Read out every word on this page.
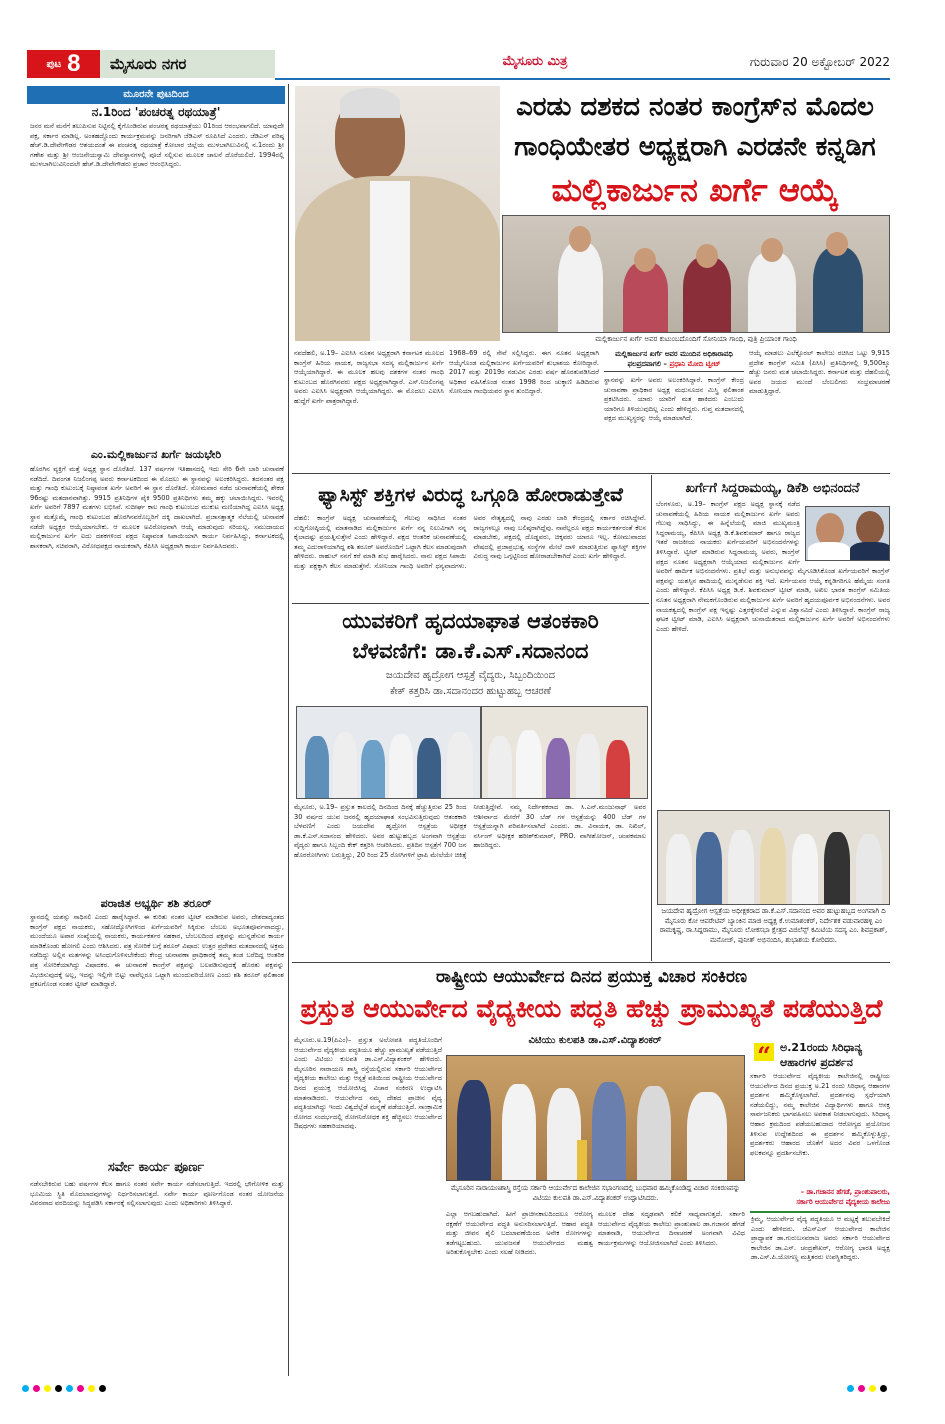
ಪುಟ 8 ಮೈಸೂರು ನಗರ	ಮೈಸೂರು ಮಿತ್ರ	ಗುರುವಾರ 20 ಅಕ್ಟೋಬರ್ 2022
ಮೂರನೇ ಪುಟದಿಂದ
ನ.1ರಿಂದ 'ಪಂಚರತ್ನ ರಥಯಾತ್ರೆ'
ಜನರ ಮನೆ ಮನೆಗೆ ತಲುಪಿಸುವ ನಿಟ್ಟಿನಲ್ಲಿ ಕೈಗೊಂಡಿರುವ ಪಂಚರತ್ನ ರಥಯಾತ್ರೆಯು 01ರಿಂದ ಆರಂಭವಾಗಲಿದೆ. ಯಾವುದೇ ಪಕ್ಷ, ಸರ್ಕಾರ ಮಾಡಿಲ್ಲ. ಅಂತಹದ್ದೊಂದು ಕಾರ್ಯಕ್ರಮವನ್ನು ಜನರಿಗಾಗಿ ಜೆಡಿಎಸ್ ರೂಪಿಸಿದೆ ಎಂದರು. ಜೆಡಿಎಸ್ ವರಿಷ್ಠ ಹೆಚ್.ಡಿ.ದೇವೇಗೌಡರ ಆಶಯದಂತೆ ಈ ಪಂಚರತ್ನ ರಥಯಾತ್ರೆ ಕೋಲಾರ ಜಿಲ್ಲೆಯ ಮುಳಬಾಗಿಲುವಿನಲ್ಲಿ ನ.1ರಂದು ಶ್ರೀ ಗಣೇಶ ಮತ್ತು ಶ್ರೀ ಆಂಜನೇಯಸ್ವಾಮಿ ದೇವಸ್ಥಾನಗಳಲ್ಲಿ ಪೂಜೆ ಸಲ್ಲಿಸುವ ಮೂಲಕ ಚಾಲನೆ ದೊರೆಯಲಿದೆ. 1994ರಲ್ಲಿ ಮುಳಬಾಗಿಲುವಿನಿಂದಲೇ ಹೆಚ್.ಡಿ.ದೇವೇಗೌಡರು ಪ್ರಚಾರ ಆರಂಭಿಸಿದ್ದರು.
ಎಂ.ಮಲ್ಲಿಕಾರ್ಜುನ ಖರ್ಗೆ ಜಯಭೇರಿ
ಹೊರಗಿನ ವ್ಯಕ್ತಿಗೆ ಮತ್ತೆ ಅಧ್ಯಕ್ಷ ಸ್ಥಾನ ದೊರೆತಿದೆ. 137 ವರ್ಷಗಳ ಇತಿಹಾಸದಲ್ಲಿ ಇದು ಸೇರಿ 6ನೇ ಬಾರಿ ಚುನಾವಣೆ ನಡೆದಿದೆ. ದಿವಂಗತ ನಿಜಲಿಂಗಪ್ಪ ಅವರು ಕರ್ನಾಟಕದಿಂದ ಈ ಮೊದಲು ಈ ಸ್ಥಾನವನ್ನು ಅಲಂಕರಿಸಿದ್ದರು. ತದನಂತರ ಪಕ್ಷ ಮತ್ತು ಗಾಂಧಿ ಕುಟುಂಬಕ್ಕೆ ನಿಷ್ಠಾವಂತ ಖರ್ಗೆ ಅವರಿಗೆ ಈ ಸ್ಥಾನ ದೊರೆತಿದೆ. ಸೋಮವಾರ ನಡೆದ ಚುನಾವಣೆಯಲ್ಲಿ ಶೇಕಡ 96ರಷ್ಟು ಮತದಾನವಾಗಿತ್ತು. 9915 ಪ್ರತಿನಿಧಿಗಳ ಪೈಕಿ 9500 ಪ್ರತಿನಿಧಿಗಳು ತಮ್ಮ ಹಕ್ಕು ಚಲಾಯಿಸಿದ್ದರು. ಇವರಲ್ಲಿ ಖರ್ಗೆ ಅವರಿಗೆ 7897 ಮತಗಳು ಲಭಿಸಿವೆ. ಸುದೀರ್ಘ ಕಾಲ ಗಾಂಧಿ ಕುಟುಂಬದ ಮುಕುಟ ಮಣಿಯಾಗಿದ್ದ ಎಐಸಿಸಿ ಅಧ್ಯಕ್ಷ ಸ್ಥಾನ ಮತ್ತೊಮ್ಮೆ ಗಾಂಧಿ ಕುಟುಂಬದ ಹೊರಗಿನವರೊಬ್ಬರಿಗೆ ದಕ್ಕಿ ದಾಖಲಾಗಿದೆ. ಪ್ರಜಾಸತ್ತಾತ್ಮಕ ನೆಲೆಯಲ್ಲಿ ಚುನಾವಣೆ ನಡೆದೇ ಅಧ್ಯಕ್ಷರ ಆಯ್ಕೆಯಾಗಬೇಕು. ಆ ಮೂಲಕ ಅವಿರೋಧವಾಗಿ ಆಯ್ಕೆ ಮಾಡುವುದು ಸರಿಯಲ್ಲ. ಸಮುದಾಯದ ಮಲ್ಲಿಕಾರ್ಜುನ ಖರ್ಗೆ ಐದು ದಶಕಗಳಿಂದ ಪಕ್ಷದ ನಿಷ್ಠಾವಂತ ಸಿಪಾಯಿಯಾಗಿ ಕಾರ್ಯ ನಿರ್ವಹಿಸಿದ್ದು, ಕರ್ನಾಟಕದಲ್ಲಿ ಶಾಸಕರಾಗಿ, ಸಚಿವರಾಗಿ, ವಿರೋಧಪಕ್ಷದ ನಾಯಕರಾಗಿ, ಕೆಪಿಸಿಸಿ ಅಧ್ಯಕ್ಷರಾಗಿ ಕಾರ್ಯ ನಿರ್ವಹಿಸಿದವರು.
ಪರಾಜಿತ ಅಭ್ಯರ್ಥಿ ಶಶಿ ತರೂರ್
ಸ್ಥಾನದಲ್ಲಿ ಯಶಸ್ಸು ಸಾಧಿಸಲಿ ಎಂದು ಹಾರೈಸಿದ್ದಾರೆ. ಈ ಕುರಿತು ನಂತರ ಟ್ವೀಟ್ ಮಾಡಿರುವ ಅವರು, ದೇಶದಾದ್ಯಂತದ ಕಾಂಗ್ರೆಸ್ ಪಕ್ಷದ ನಾಯಕರು, ಸಹೋದ್ಯೋಗಿಗಳಿಂದ ಖರ್ಗೆಯವರಿಗೆ ಸಿಕ್ಕಿರುವ ಬೆಂಬಲ ಅಭೂತಪೂರ್ವವಾದದ್ದು, ಮುಂದೆಯೂ ಅಪಾರ ಸಂಖ್ಯೆಯಲ್ಲಿ ನಾಯಕರು, ಕಾರ್ಯಕರ್ತರ ಸಹಕಾರ, ಬೆಂಬಲದಿಂದ ಪಕ್ಷವನ್ನು ಮುನ್ನಡೆಸುವ ಕಾರ್ಯ ಮಾಡಿಕೊಂಡು ಹೋಗಲಿ ಎಂದು ಆಶಿಸಿದರು. ಪತ್ರ ಸೋರಿಕೆ ಬಗ್ಗೆ ತರೂರ್ ವಿಷಾದ: ಉತ್ತರ ಪ್ರದೇಶದ ಮತದಾನದಲ್ಲಿ ಅಕ್ರಮ ನಡೆದಿದ್ದು ಅಲ್ಲಿನ ಮತಗಳನ್ನು ಅಸಿಂಧುಗೊಳಿಸಬೇಕೆಂದು ಕೇಂದ್ರ ಚುನಾವಣಾ ಪ್ರಾಧಿಕಾರಕ್ಕೆ ತಮ್ಮ ತಂಡ ಬರೆದಿದ್ದ ಆಂತರಿಕ ಪತ್ರ ಸೋರಿಕೆಯಾಗಿದ್ದು ವಿಷಾದಕರ. ಈ ಚುನಾವಣೆ ಕಾಂಗ್ರೆಸ್ ಪಕ್ಷವನ್ನು ಬಲಪಡಿಸುವುದಕ್ಕೆ ಹೊರತು ಪಕ್ಷವನ್ನು ವಿಭಜಿಸುವುದಕ್ಕೆ ಅಲ್ಲ, ಇದನ್ನು ಇಲ್ಲಿಗೇ ಬಿಟ್ಟು ನಾವೆಲ್ಲರೂ ಒಟ್ಟಾಗಿ ಮುಂದುವರಿಯೋಣ ಎಂದು ಶಶಿ ತರೂರ್ ಫಲಿತಾಂಶ ಪ್ರಕಟಗೊಂಡ ನಂತರ ಟ್ವೀಟ್ ಮಾಡಿದ್ದಾರೆ.
ಸರ್ವೇ ಕಾರ್ಯ ಪೂರ್ಣ
ನಡೆಸಬೇಕಿರುವ ಬಹು ವರ್ಷಗಳ ಕೆಲಸ ಹಾಗೂ ನಂತರ ಸರ್ವೇ ಕಾರ್ಯ ನಡೆಸಲಾಗುತ್ತಿದೆ. ಇದರಲ್ಲಿ ಭೌಗೋಳಿಕ ಮತ್ತು ಭೂಮಿಯ ಸ್ಥಿತಿ ಮೊದಲಾದವುಗಳನ್ನು ನಿರ್ಧರಿಸಲಾಗುತ್ತದೆ. ಸರ್ವೇ ಕಾರ್ಯ ಪೂರ್ಣಗೊಂಡ ನಂತರ ಯೋಜನೆಯ ವಿವರವಾದ ವರದಿಯನ್ನು ಸಿದ್ಧಪಡಿಸಿ ಸರ್ಕಾರಕ್ಕೆ ಸಲ್ಲಿಸಲಾಗುವುದು ಎಂದು ಅಧಿಕಾರಿಗಳು ತಿಳಿಸಿದ್ದಾರೆ.
ಎರಡು ದಶಕದ ನಂತರ ಕಾಂಗ್ರೆಸ್‌ನ ಮೊದಲ
ಗಾಂಧಿಯೇತರ ಅಧ್ಯಕ್ಷರಾಗಿ ಎರಡನೇ ಕನ್ನಡಿಗ
ಮಲ್ಲಿಕಾರ್ಜುನ ಖರ್ಗೆ ಆಯ್ಕೆ
ಮಲ್ಲಿಕಾರ್ಜುನ ಖರ್ಗೆ ಅವರ ಕುಟುಂಬದೊಂದಿಗೆ ಸೋನಿಯಾ ಗಾಂಧಿ, ಪುತ್ರಿ ಪ್ರಿಯಾಂಕ ಗಾಂಧಿ
ನವದೆಹಲಿ, ಅ.19– ಎಐಸಿಸಿ ನೂತನ ಅಧ್ಯಕ್ಷರಾಗಿ ಕರ್ನಾಟಕ ಮೂಲದ ಕಾಂಗ್ರೆಸ್ ಹಿರಿಯ ನಾಯಕ, ರಾಜ್ಯಸಭಾ ಸದಸ್ಯ ಮಲ್ಲಿಕಾರ್ಜುನ ಖರ್ಗೆ ಆಯ್ಕೆಯಾಗಿದ್ದಾರೆ. ಈ ಮೂಲಕ ಹಲವು ದಶಕಗಳ ನಂತರ ಗಾಂಧಿ ಕುಟುಂಬದ ಹೊರಗಿನವರು ಪಕ್ಷದ ಅಧ್ಯಕ್ಷರಾಗಿದ್ದಾರೆ. ಎಸ್.ನಿಜಲಿಂಗಪ್ಪ ಅವರು ಎಐಸಿಸಿ ಅಧ್ಯಕ್ಷರಾಗಿ ಆಯ್ಕೆಯಾಗಿದ್ದರು. ಈ ಮೊದಲು ಎಐಸಿಸಿ ಹುದ್ದೆಗೆ ಖರ್ಗೆ ಪಾತ್ರರಾಗಿದ್ದಾರೆ.
1968–69 ರಲ್ಲಿ ಸೇವೆ ಸಲ್ಲಿಸಿದ್ದರು. ಈಗ ನೂತನ ಅಧ್ಯಕ್ಷರಾಗಿ ಆಯ್ಕೆಗೊಂಡ ಮಲ್ಲಿಕಾರ್ಜುನ ಖರ್ಗೆಯವರಿಗೆ ಶುಭಾಶಯ ಕೋರಿದ್ದಾರೆ. 2017 ಮತ್ತು 2019ರ ನಡುವಿನ ಎರಡು ವರ್ಷ ಹೊರತುಪಡಿಸಿದರೆ ಅಧಿಕಾರ ವಹಿಸಿಕೊಂಡ ನಂತರ 1998 ರಿಂದ ಚುಕ್ಕಾಣಿ ಹಿಡಿದಿರುವ ಸೋನಿಯಾ ಗಾಂಧಿಯವರ ಸ್ಥಾನ ತುಂಬಿದ್ದಾರೆ.
ಮಲ್ಲಿಕಾರ್ಜುನ ಖರ್ಗೆ ಅವರ ಮುಂದಿನ ಅಧಿಕಾರಾವಧಿ ಫಲಪ್ರದವಾಗಲಿ – ಪ್ರಧಾನಿ ಮೋದಿ ಟ್ವೀಟ್
ಸ್ಥಾನವನ್ನು ಖರ್ಗೆ ಅವರು ಅಲಂಕರಿಸಿದ್ದಾರೆ. ಕಾಂಗ್ರೆಸ್ ಕೇಂದ್ರ ಚುನಾವಣಾ ಪ್ರಾಧಿಕಾರ ಅಧ್ಯಕ್ಷ ಮಧುಸೂದನ ಮಿಸ್ತ್ರಿ ಫಲಿತಾಂಶ ಪ್ರಕಟಿಸಿದರು. ಯಾರು ಯಾರಿಗೆ ಮತ ಹಾಕಿದರು ಎಂಬುದು ಯಾರಿಗೂ ತಿಳಿಯುವುದಿಲ್ಲ ಎಂದು ಹೇಳಿದ್ದರು. ಗುಪ್ತ ಮತದಾನದಲ್ಲಿ ಪಕ್ಷದ ಮುಖ್ಯಸ್ಥರನ್ನು ಆಯ್ಕೆ ಮಾಡಲಾಗಿದೆ.
ಆಯ್ಕೆ ಮಾಡಲು ಎಲೆಕ್ಟೊರಲ್ ಕಾಲೇಜು ರಚಿಸಿದ ಒಟ್ಟು 9,915 ಪ್ರದೇಶ ಕಾಂಗ್ರೆಸ್ ಸಮಿತಿ (ಪಿಸಿಸಿ) ಪ್ರತಿನಿಧಿಗಳಲ್ಲಿ 9,500ಕ್ಕೂ ಹೆಚ್ಚು ಜನರು ಮತ ಚಲಾಯಿಸಿದ್ದರು. ಕರ್ನಾಟಕ ಮತ್ತು ದೆಹಲಿಯಲ್ಲಿ ಅವರ ಜಯದ ಮುಂದೆ ಬೆಂಬಲಿಗರು ಸಂಭ್ರಮಾಚರಣೆ ಮಾಡುತ್ತಿದ್ದಾರೆ.
ಫ್ಯಾಸಿಸ್ಟ್ ಶಕ್ತಿಗಳ ವಿರುದ್ಧ ಒಗ್ಗೂಡಿ ಹೋರಾಡುತ್ತೇವೆ
ದೆಹಲಿ: ಕಾಂಗ್ರೆಸ್ ಅಧ್ಯಕ್ಷ ಚುನಾವಣೆಯಲ್ಲಿ ಗೆಲುವು ಸಾಧಿಸಿದ ನಂತರ ಸುದ್ದಿಗೋಷ್ಠಿಯಲ್ಲಿ ಮಾತನಾಡಿದ ಮಲ್ಲಿಕಾರ್ಜುನ ಖರ್ಗೆ ನನ್ನ ನಿಲುವಿಗಾಗಿ ನನ್ನ ಕೈಲಾದಷ್ಟು ಪ್ರಯತ್ನಿಸುತ್ತೇನೆ ಎಂದು ಹೇಳಿದ್ದಾರೆ. ಪಕ್ಷದ ಆಂತರಿಕ ಚುನಾವಣೆಯಲ್ಲಿ ತಮ್ಮ ಎದುರಾಳಿಯಾಗಿದ್ದ ಶಶಿ ತರೂರ್ ಅವರೊಂದಿಗೆ ಒಟ್ಟಾಗಿ ಕೆಲಸ ಮಾಡುವುದಾಗಿ ಹೇಳಿದರು. ರಾಹುಲ್ ನನಗೆ ಕರೆ ಮಾಡಿ ಶುಭ ಹಾರೈಸಿದರು. ನಾನು ಪಕ್ಷದ ಸಿಪಾಯಿ ಮತ್ತು ಪಕ್ಷಕ್ಕಾಗಿ ಕೆಲಸ ಮಾಡುತ್ತೇನೆ. ಸೋನಿಯಾ ಗಾಂಧಿ ಅವರಿಗೆ ಧನ್ಯವಾದಗಳು. ಅವರ ನೇತೃತ್ವದಲ್ಲಿ ನಾವು ಎರಡು ಬಾರಿ ಕೇಂದ್ರದಲ್ಲಿ ಸರ್ಕಾರ ರಚಿಸಿದ್ದೇವೆ. ರಾಜ್ಯಗಳಲ್ಲೂ ನಾವು ಬಲಿಷ್ಠರಾಗಿದ್ದೆವು. ನಾವೆಲ್ಲರೂ ಪಕ್ಷದ ಕಾರ್ಯಕರ್ತರಂತೆ ಕೆಲಸ ಮಾಡಬೇಕು, ಪಕ್ಷದಲ್ಲಿ ದೊಡ್ಡವರು, ಚಿಕ್ಕವರು ಯಾರೂ ಇಲ್ಲ. ಕೋಮುವಾದದ ವೇಷದಲ್ಲಿ ಪ್ರಜಾಪ್ರಭುತ್ವ ಸಂಸ್ಥೆಗಳ ಮೇಲೆ ದಾಳಿ ಮಾಡುತ್ತಿರುವ ಫ್ಯಾಸಿಸ್ಟ್ ಶಕ್ತಿಗಳ ವಿರುದ್ಧ ನಾವು ಒಗ್ಗಟ್ಟಿನಿಂದ ಹೋರಾಡಬೇಕಾಗಿದೆ ಎಂದು ಖರ್ಗೆ ಹೇಳಿದ್ದಾರೆ.
ಖರ್ಗೆಗೆ ಸಿದ್ದರಾಮಯ್ಯ, ಡಿಕೆಶಿ ಅಭಿನಂದನೆ
ಬೆಂಗಳೂರು, ಅ.19– ಕಾಂಗ್ರೆಸ್ ಪಕ್ಷದ ಅಧ್ಯಕ್ಷ ಸ್ಥಾನಕ್ಕೆ ನಡೆದ ಚುನಾವಣೆಯಲ್ಲಿ ಹಿರಿಯ ನಾಯಕ ಮಲ್ಲಿಕಾರ್ಜುನ ಖರ್ಗೆ ಅವರು ಗೆಲುವು ಸಾಧಿಸಿದ್ದು, ಈ ಹಿನ್ನೆಲೆಯಲ್ಲಿ ಮಾಜಿ ಮುಖ್ಯಮಂತ್ರಿ ಸಿದ್ದರಾಮಯ್ಯ, ಕೆಪಿಸಿಸಿ ಅಧ್ಯಕ್ಷ ಡಿ.ಕೆ.ಶಿವಕುಮಾರ್ ಹಾಗೂ ರಾಜ್ಯದ ಇತರೆ ರಾಜಕೀಯ ನಾಯಕರು ಖರ್ಗೆಯವರಿಗೆ ಅಭಿನಂದನೆಗಳನ್ನು ತಿಳಿಸಿದ್ದಾರೆ. ಟ್ವೀಟ್ ಮಾಡಿರುವ ಸಿದ್ದರಾಮಯ್ಯ ಅವರು, ಕಾಂಗ್ರೆಸ್ ಪಕ್ಷದ ನೂತನ ಅಧ್ಯಕ್ಷರಾಗಿ ಆಯ್ಕೆಯಾದ ಮಲ್ಲಿಕಾರ್ಜುನ ಖರ್ಗೆ ಅವರಿಗೆ ಹಾರ್ದಿಕ ಅಭಿನಂದನೆಗಳು. ಪ್ರತಿಭೆ ಮತ್ತು ಅನುಭವವನ್ನು ಮೈಗೂಡಿಸಿಕೊಂಡ ಖರ್ಗೆಯವರಿಗೆ ಕಾಂಗ್ರೆಸ್ ಪಕ್ಷವನ್ನು ಯಶಸ್ಸಿನ ಹಾದಿಯಲ್ಲಿ ಮುನ್ನಡೆಸುವ ಶಕ್ತಿ ಇದೆ. ಖರ್ಗೆಯವರ ಆಯ್ಕೆ ಕನ್ನಡಿಗರಿಗೂ ಹೆಮ್ಮೆಯ ಸಂಗತಿ ಎಂದು ಹೇಳಿದ್ದಾರೆ. ಕೆಪಿಸಿಸಿ ಅಧ್ಯಕ್ಷ ಡಿ.ಕೆ. ಶಿವಕುಮಾರ್ ಟ್ವೀಟ್ ಮಾಡಿ, ಅಖಿಲ ಭಾರತ ಕಾಂಗ್ರೆಸ್ ಸಮಿತಿಯ ನೂತನ ಅಧ್ಯಕ್ಷರಾಗಿ ನೇಮಕಗೊಂಡಿರುವ ಮಲ್ಲಿಕಾರ್ಜುನ ಖರ್ಗೆ ಅವರಿಗೆ ಹೃದಯಪೂರ್ವಕ ಅಭಿನಂದನೆಗಳು. ಅವರ ನಾಯಕತ್ವದಲ್ಲಿ ಕಾಂಗ್ರೆಸ್ ಪಕ್ಷ ಇನ್ನಷ್ಟು ಎತ್ತರಕ್ಕೇರಲಿದೆ ಎನ್ನುವ ವಿಶ್ವಾಸವಿದೆ ಎಂದು ತಿಳಿಸಿದ್ದಾರೆ. ಕಾಂಗ್ರೆಸ್ ರಾಜ್ಯ ಘಟಕ ಟ್ವೀಟ್ ಮಾಡಿ, ಎಐಸಿಸಿ ಅಧ್ಯಕ್ಷರಾಗಿ ಚುನಾಯಿತರಾದ ಮಲ್ಲಿಕಾರ್ಜುನ ಖರ್ಗೆ ಅವರಿಗೆ ಅಭಿನಂದನೆಗಳು ಎಂದು ಹೇಳಿದೆ.
ಯುವಕರಿಗೆ ಹೃದಯಾಘಾತ ಆತಂಕಕಾರಿ
ಬೆಳವಣಿಗೆ: ಡಾ.ಕೆ.ಎಸ್.ಸದಾನಂದ
ಜಯದೇವ ಹೃದ್ರೋಗ ಆಸ್ಪತ್ರೆ ವೈದ್ಯರು, ಸಿಬ್ಬಂದಿಯಿಂದ
ಕೇಕ್ ಕತ್ತರಿಸಿ ಡಾ.ಸದಾನಂದರ ಹುಟ್ಟುಹಬ್ಬ ಆಚರಣೆ
ಮೈಸೂರು, ಅ.19– ಪ್ರಸ್ತುತ ಕಾಲದಲ್ಲಿ ದಿನದಿಂದ ದಿನಕ್ಕೆ ಹೆಚ್ಚುತ್ತಿರುವ 25 ರಿಂದ 30 ವರ್ಷದ ಯುವ ಜನರಲ್ಲಿ ಹೃದಯಾಘಾತ ಸಂಭವಿಸುತ್ತಿರುವುದು ಆತಂಕಕಾರಿ ಬೆಳವಣಿಗೆ ಎಂದು ಜಯದೇವ ಹೃದ್ರೋಗ ಆಸ್ಪತ್ರೆಯ ಅಧೀಕ್ಷಕ ಡಾ.ಕೆ.ಎಸ್.ಸದಾನಂದ ಹೇಳಿದರು. ಅವರ ಹುಟ್ಟುಹಬ್ಬದ ಅಂಗವಾಗಿ ಆಸ್ಪತ್ರೆಯ ವೈದ್ಯರು ಹಾಗೂ ಸಿಬ್ಬಂದಿ ಕೇಕ್ ಕತ್ತರಿಸಿ ಆಚರಿಸಿದರು. ಪ್ರತಿದಿನ ಆಸ್ಪತ್ರೆಗೆ 700 ಜನ ಹೊರರೋಗಿಗಳು ಬರುತ್ತಿದ್ದು, 20 ರಿಂದ 25 ರೋಗಿಗಳಿಗೆ ಟ್ರಾಪಿ ಮೇಲೆಯೇ ಚಿಕಿತ್ಸೆ ನೀಡುತ್ತಿದ್ದೇವೆ. ನಮ್ಮ ನಿರ್ದೇಶಕರಾದ ಡಾ. ಸಿ.ಎನ್.ಮಂಜುನಾಥ್ ಅವರ ಆಶೀರ್ವಾದ ಮೇರೆಗೆ 30 ಬೆಡ್ ಗಳ ಆಸ್ಪತ್ರೆಯನ್ನು 400 ಬೆಡ್ ಗಳ ಆಸ್ಪತ್ರೆಯನ್ನಾಗಿ ಪರಿವರ್ತಿಸಲಾಗಿದೆ ಎಂದರು. ಡಾ. ವಿನಾಯಕ, ಡಾ. ನಿಖಿಲ್, ನರ್ಸಿಂಗ್ ಅಧೀಕ್ಷಕ ಹರೀಶ್‌ಕುಮಾರ್, PRO. ವಾಗೀಶೋಜನ್, ಚಂಪಕಮಾಲ ಹಾಜರಿದ್ದರು.
ಜಯದೇವ ಹೃದ್ರೋಗ ಆಸ್ಪತ್ರೆಯ ಅಧೀಕ್ಷಕರಾದ ಡಾ.ಕೆ.ಎಸ್.ಸದಾನಂದ ಅವರ ಹುಟ್ಟುಹಬ್ಬದ ಅಂಗವಾಗಿ ದಿ ಮೈಸೂರು ಕೋ ಆಪರೇಟಿವ್ ಬ್ಯಾಂಕಿನ ಮಾಜಿ ಅಧ್ಯಕ್ಷ ಕೆ.ಉಮಾಶಂಕರ್, ನಿರ್ದೇಶಕ ವಡುವಾರಹಳ್ಳಿ ಎಂ ರಾಮಕೃಷ್ಣ, ರಾ.ಸಿದ್ದರಾಮು, ಮೈಸೂರು ಲೋಕಸಭಾ ಕ್ಷೇತ್ರದ ವಿಜಿಲೆನ್ಸ್ ಕಮಿಟಿಯ ಸದಸ್ಯ ಎಂ. ಶಿವಪ್ರಕಾಶ್, ಮನೋಜ್, ಪುನೀತ್ ಅಭಿನಂದಿಸಿ, ಶುಭಾಶಯ ಕೋರಿದರು.
ರಾಷ್ಟ್ರೀಯ ಆಯುರ್ವೇದ ದಿನದ ಪ್ರಯುಕ್ತ ವಿಚಾರ ಸಂಕಿರಣ
ಪ್ರಸ್ತುತ ಆಯುರ್ವೇದ ವೈದ್ಯಕೀಯ ಪದ್ಧತಿ ಹೆಚ್ಚು ಪ್ರಾಮುಖ್ಯತೆ ಪಡೆಯುತ್ತಿದೆ
ವಿಟಿಯು ಕುಲಪತಿ ಡಾ.ಎಸ್.ವಿದ್ಯಾಶಂಕರ್
ಮೈಸೂರು.ಅ.19(ಪಿಎಂ)– ಪ್ರಸ್ತುತ ಅಲೋಪತಿ ಪದ್ಧತಿಯೊಂದಿಗೆ ಆಯುರ್ವೇದ ವೈದ್ಯಕೀಯ ಪದ್ಧತಿಯೂ ಹೆಚ್ಚು ಪ್ರಾಮುಖ್ಯತೆ ಪಡೆಯುತ್ತಿದೆ ಎಂದು ವಿಟಿಯು ಕುಲಪತಿ ಡಾ.ಎಸ್.ವಿದ್ಯಾಶಂಕರ್ ಹೇಳಿದರು. ಮೈಸೂರಿನ ನಾರಾಯಣ ಶಾಸ್ತ್ರಿ ರಸ್ತೆಯಲ್ಲಿರುವ ಸರ್ಕಾರಿ ಆಯುರ್ವೇದ ವೈದ್ಯಕೀಯ ಕಾಲೇಜು ಮತ್ತು ಆಸ್ಪತ್ರೆ ವತಿಯಿಂದ ರಾಷ್ಟ್ರೀಯ ಆಯುರ್ವೇದ ದಿನದ ಪ್ರಯುಕ್ತ ಆಯೋಜಿಸಿದ್ದ ವಿಚಾರ ಸಂಕಿರಣ ಉದ್ಘಾಟಿಸಿ ಮಾತನಾಡಿದರು. ಆಯುರ್ವೇದ ನಮ್ಮ ದೇಶದ ಪ್ರಾಚೀನ ವೈದ್ಯ ಪದ್ಧತಿಯಾಗಿದ್ದು ಇಂದು ವಿಶ್ವದೆಲ್ಲೆಡೆ ಮನ್ನಣೆ ಪಡೆಯುತ್ತಿದೆ. ಸಾಂಕ್ರಾಮಿಕ ರೋಗದ ಸಂದರ್ಭದಲ್ಲಿ ರೋಗನಿರೋಧಕ ಶಕ್ತಿ ಹೆಚ್ಚಿಸಲು ಆಯುರ್ವೇದ ಔಷಧಗಳು ಸಹಕಾರಿಯಾದವು.
ಮೈಸೂರಿನ ನಾರಾಯಣಶಾಸ್ತ್ರಿ ರಸ್ತೆಯ ಸರ್ಕಾರಿ ಆಯುರ್ವೇದ ಕಾಲೇಜಿನ ಸಭಾಂಗಣದಲ್ಲಿ ಬುಧವಾರ ಹಮ್ಮಿಕೊಂಡಿದ್ದ ವಿಚಾರ ಸಂಕಿರಣವನ್ನು ವಿಟಿಯು ಕುಲಪತಿ ಡಾ.ಎಸ್.ವಿದ್ಯಾಶಂಕರ್ ಉದ್ಘಾಟಿಸಿದರು.
ಎಲ್ಲಾ ಆಗಬಹುದಾಗಿದೆ. ಹೀಗೆ ಪ್ರಾಚೀನಕಾಲದಿಂದಲೂ ಆರೋಗ್ಯ ರಕ್ಷಣೆಗೆ ಆಯುರ್ವೇದ ಪದ್ಧತಿ ಅನುಸರಿಸಲಾಗುತ್ತಿದೆ. ಆಹಾರ ಪದ್ಧತಿ ಮತ್ತು ಜೀವನ ಶೈಲಿ ಬದಲಾವಣೆಯಿಂದ ಅನೇಕ ರೋಗಗಳನ್ನು ತಡೆಗಟ್ಟಬಹುದು. ಯುವಜನತೆ ಆಯುರ್ವೇದದ ಮಹತ್ವ ಅರಿತುಕೊಳ್ಳಬೇಕು ಎಂದು ಸಲಹೆ ನೀಡಿದರು.
ಮೂಲಕ ದೇಹ ಸದೃಢವಾಗಿ ಕಲಿಕೆ ಸಾಧ್ಯವಾಗುತ್ತದೆ. ಸರ್ಕಾರಿ ಆಯುರ್ವೇದ ವೈದ್ಯಕೀಯ ಕಾಲೇಜು ಪ್ರಾಂಶುಪಾಲ ಡಾ.ಗಜಾನನ ಹೆಗಡೆ ಮಾತನಾಡಿ, ಆಯುರ್ವೇದ ದಿನಾಚರಣೆ ಅಂಗವಾಗಿ ವಿವಿಧ ಕಾರ್ಯಕ್ರಮಗಳನ್ನು ಆಯೋಜಿಸಲಾಗಿದೆ ಎಂದು ತಿಳಿಸಿದರು.
“ ಅ.21ರಂದು ಸಿರಿಧಾನ್ಯ
ಆಹಾರಗಳ ಪ್ರದರ್ಶನ
ಸರ್ಕಾರಿ ಆಯುರ್ವೇದ ವೈದ್ಯಕೀಯ ಕಾಲೇಜಿನಲ್ಲಿ ರಾಷ್ಟ್ರೀಯ ಆಯುರ್ವೇದ ದಿನದ ಪ್ರಯುಕ್ತ ಅ.21 ರಂದು ಸಿರಿಧಾನ್ಯ ಆಹಾರಗಳ ಪ್ರದರ್ಶನ ಹಮ್ಮಿಕೊಳ್ಳಲಾಗಿದೆ. ಪ್ರದರ್ಶನವು ಸ್ಪರ್ಧೆಯಾಗಿ ನಡೆಯಲಿದ್ದು, ನಮ್ಮ ಕಾಲೇಜಿನ ವಿದ್ಯಾರ್ಥಿಗಳು ಹಾಗೂ ಆಸಕ್ತ ಸಾರ್ವಜನಿಕರು ಭಾಗವಹಿಸಲು ಅವಕಾಶ ನೀಡಲಾಗುವುದು. ಸಿರಿಧಾನ್ಯ ಆಹಾರ ಕ್ರಮದಿಂದ ಪಡೆಯಬಹುದಾದ ಆರೋಗ್ಯದ ಪ್ರಯೋಜನ ತಿಳಿಸುವ ಉದ್ದೇಶದಿಂದ ಈ ಪ್ರದರ್ಶನ ಹಮ್ಮಿಕೊಳ್ಳುತ್ತಿದ್ದು, ಪ್ರದರ್ಶಕರು ಆಹಾರದ ಜೊತೆಗೆ ಅದರ ವಿವರ ಒಳಗೊಂಡ ಫಲಕವನ್ನೂ ಪ್ರದರ್ಶಿಸಬೇಕು.
– ಡಾ.ಗಜಾನನ ಹೆಗಡೆ, ಪ್ರಾಂಶುಪಾಲರು,
ಸರ್ಕಾರಿ ಆಯುರ್ವೇದ ವೈದ್ಯಕೀಯ ಕಾಲೇಜು
ಕ್ರಿಮ್ಮ, ಆಯುರ್ವೇದ ವೈದ್ಯ ಪದ್ಧತಿಯೂ ಆ ಮಟ್ಟಕ್ಕೆ ತಲುಪಬೇಕಿದೆ ಎಂದು ಹೇಳಿದರು. ಜೆಎಸ್‌ಎಸ್ ಆಯುರ್ವೇದ ಕಾಲೇಜಿನ ಪ್ರಾಧ್ಯಾಪಕ ಡಾ.ಗುರುಬಸವರಾಜ ಅವರು ಸರ್ಕಾರಿ ಆಯುರ್ವೇದ ಕಾಲೇಜಿನ ಡಾ.ಎಸ್. ಚಂದ್ರಶೇಖರ್, ಆರೋಗ್ಯ ಭಾರತಿ ಅಧ್ಯಕ್ಷ ಡಾ.ಎಸ್.ಪಿ.ಯೋಗಣ್ಣ ಮತ್ತಿತರರು ಉಪಸ್ಥಿತರಿದ್ದರು.
